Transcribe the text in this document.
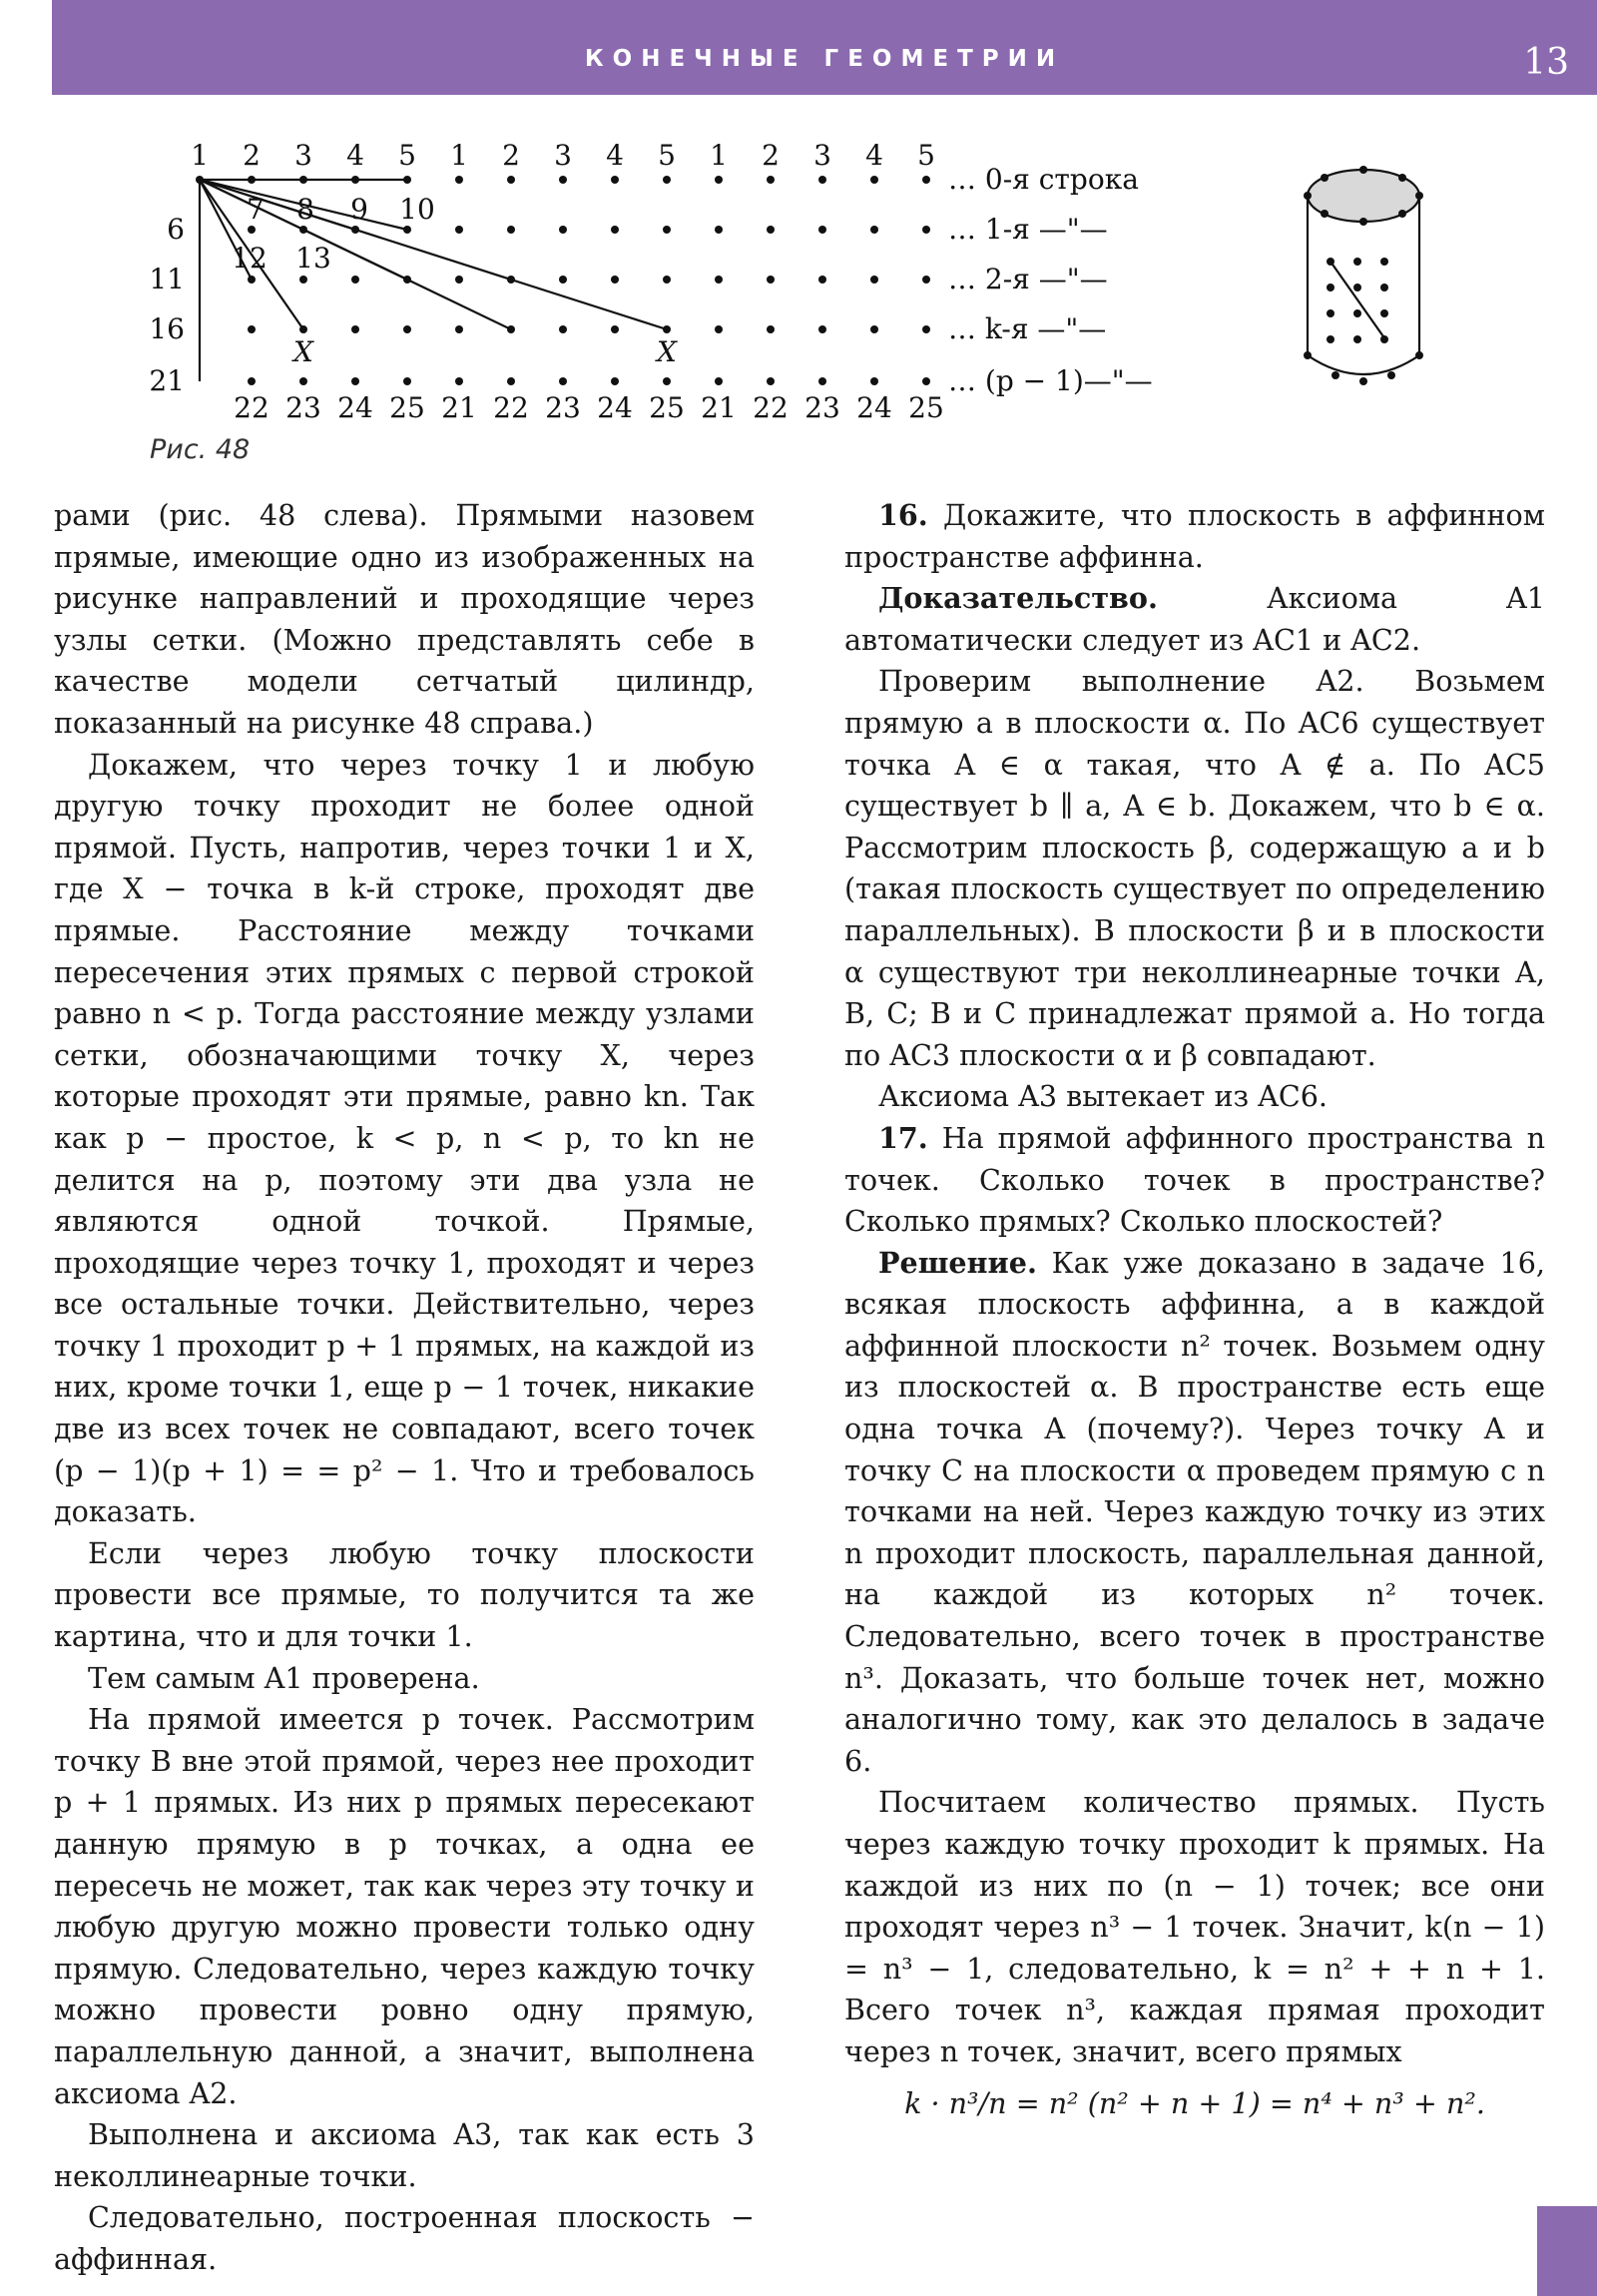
КОНЕЧНЫЕ ГЕОМЕТРИИ	13
1 2 3 4 5 1 2 3 4 5 1 2 3 4 5
22 23 24 25 21 22 23 24 25 21 22 23 24 25
6
11
16
21
7 8 9 10
12 13
X	X
… 0-я строка
… 1-я —"—
… 2-я —"—
… k-я —"—
… (p − 1)—"—
Рис. 48

рами (рис. 48 слева). Прямыми назовем прямые, имеющие одно из изображенных на рисунке направлений и проходящие через узлы сетки. (Можно представлять себе в качестве модели сетчатый цилиндр, показанный на рисунке 48 справа.)

Докажем, что через точку 1 и любую другую точку проходит не более одной прямой. Пусть, напротив, через точки 1 и X, где X − точка в k-й строке, проходят две прямые. Расстояние между точками пересечения этих прямых с первой строкой равно n < p. Тогда расстояние между узлами сетки, обозначающими точку X, через которые проходят эти прямые, равно kn. Так как p − простое, k < p, n < p, то kn не делится на p, поэтому эти два узла не являются одной точкой. Прямые, проходящие через точку 1, проходят и через все остальные точки. Действительно, через точку 1 проходит p + 1 прямых, на каждой из них, кроме точки 1, еще p − 1 точек, никакие две из всех точек не совпадают, всего точек (p − 1)(p + 1) = = p² − 1. Что и требовалось доказать.

Если через любую точку плоскости провести все прямые, то получится та же картина, что и для точки 1.

Тем самым A1 проверена.

На прямой имеется p точек. Рассмотрим точку B вне этой прямой, через нее проходит p + 1 прямых. Из них p прямых пересекают данную прямую в p точках, а одна ее пересечь не может, так как через эту точку и любую другую можно провести только одну прямую. Следовательно, через каждую точку можно провести ровно одну прямую, параллельную данной, а значит, выполнена аксиома A2.

Выполнена и аксиома A3, так как есть 3 неколлинеарные точки.

Следовательно, построенная плоскость − аффинная.

16. Докажите, что плоскость в аффинном пространстве аффинна.

Доказательство. Аксиома A1 автоматически следует из AC1 и AC2.

Проверим выполнение A2. Возьмем прямую a в плоскости α. По AC6 существует точка A ∈ α такая, что A ∉ a. По AC5 существует b ∥ a, A ∈ b. Докажем, что b ∈ α. Рассмотрим плоскость β, содержащую a и b (такая плоскость существует по определению параллельных). В плоскости β и в плоскости α существуют три неколлинеарные точки A, B, C; B и C принадлежат прямой a. Но тогда по AC3 плоскости α и β совпадают.

Аксиома A3 вытекает из AC6.

17. На прямой аффинного пространства n точек. Сколько точек в пространстве? Сколько прямых? Сколько плоскостей?

Решение. Как уже доказано в задаче 16, всякая плоскость аффинна, а в каждой аффинной плоскости n² точек. Возьмем одну из плоскостей α. В пространстве есть еще одна точка A (почему?). Через точку A и точку C на плоскости α проведем прямую с n точками на ней. Через каждую точку из этих n проходит плоскость, параллельная данной, на каждой из которых n² точек. Следовательно, всего точек в пространстве n³. Доказать, что больше точек нет, можно аналогично тому, как это делалось в задаче 6.

Посчитаем количество прямых. Пусть через каждую точку проходит k прямых. На каждой из них по (n − 1) точек; все они проходят через n³ − 1 точек. Значит, k(n − 1) = n³ − 1, следовательно, k = n² + + n + 1. Всего точек n³, каждая прямая проходит через n точек, значит, всего прямых

k · n³/n = n² (n² + n + 1) = n⁴ + n³ + n².
